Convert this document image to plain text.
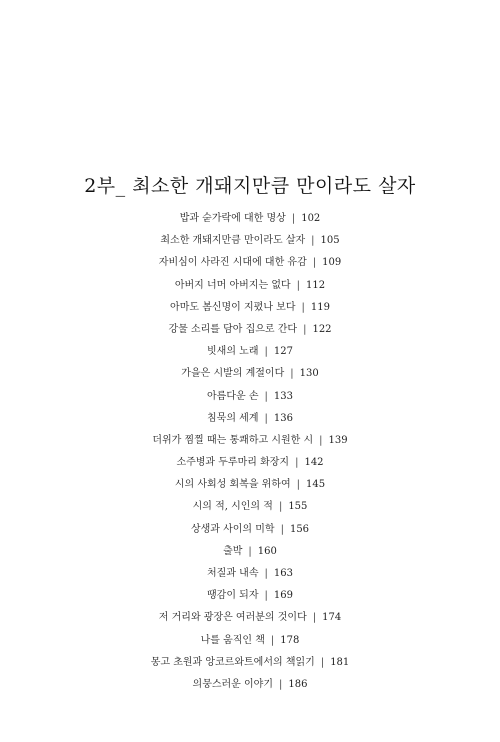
2부_ 최소한 개돼지만큼 만이라도 살자
밥과 숟가락에 대한 명상 | 102
최소한 개돼지만큼 만이라도 살자 | 105
자비심이 사라진 시대에 대한 유감 | 109
아버지 너머 아버지는 없다 | 112
아마도 봄신명이 지폈나 보다 | 119
강물 소리를 담아 집으로 간다 | 122
빗새의 노래 | 127
가을은 시발의 계절이다 | 130
아름다운 손 | 133
침묵의 세계 | 136
더위가 찜찔 때는 통쾌하고 시원한 시 | 139
소주병과 두루마리 화장지 | 142
시의 사회성 회복을 위하여 | 145
시의 적, 시인의 적 | 155
상생과 사이의 미학 | 156
출박 | 160
처질과 내속 | 163
땡감이 되자 | 169
저 거리와 광장은 여러분의 것이다 | 174
나를 움직인 책 | 178
몽고 초원과 앙코르와트에서의 책읽기 | 181
의뭉스러운 이야기 | 186
